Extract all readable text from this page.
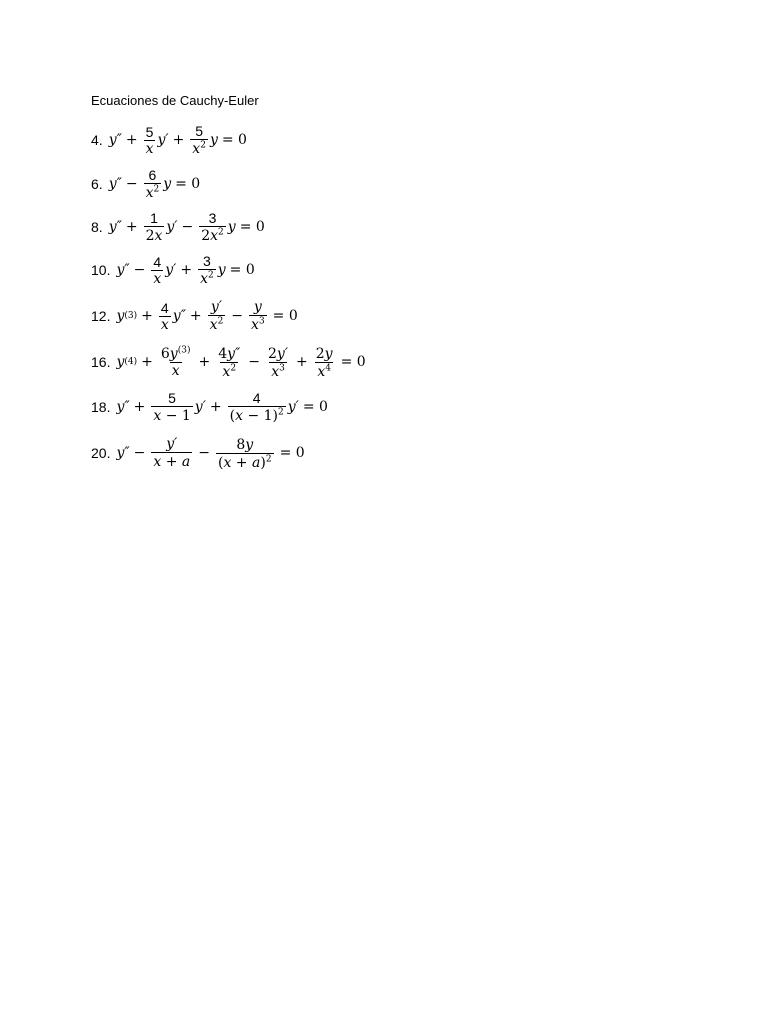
Ecuaciones de Cauchy-Euler
4. $y'' + \frac{5}{x} y' + \frac{5}{x^2}$ y = 0
6. $y'' - \frac{6}{x^2}$ y = 0
8. $y'' + \frac{1}{2x} y' - \frac{3}{2x^2}$ y = 0
10. $y'' - \frac{4}{x} y' + \frac{3}{x^2}$ y = 0
12. y $(3) + \frac{4}{x} y'' + \frac{y'}{x^2} - \frac{y}{x^3} = 0$
16. y $(4) + \frac{6y^{(3)}}{x} + \frac{4y''}{x^2} - \frac{2y'}{x^3} + \frac{2y}{x^4} = 0$
18. $y'' + \frac{5}{x - 1} y' + \frac{4}{(x - 1)^2} y' = 0$
20. $y'' - \frac{y'}{x + a} - \frac{8y}{(x + a)^2} = 0$
